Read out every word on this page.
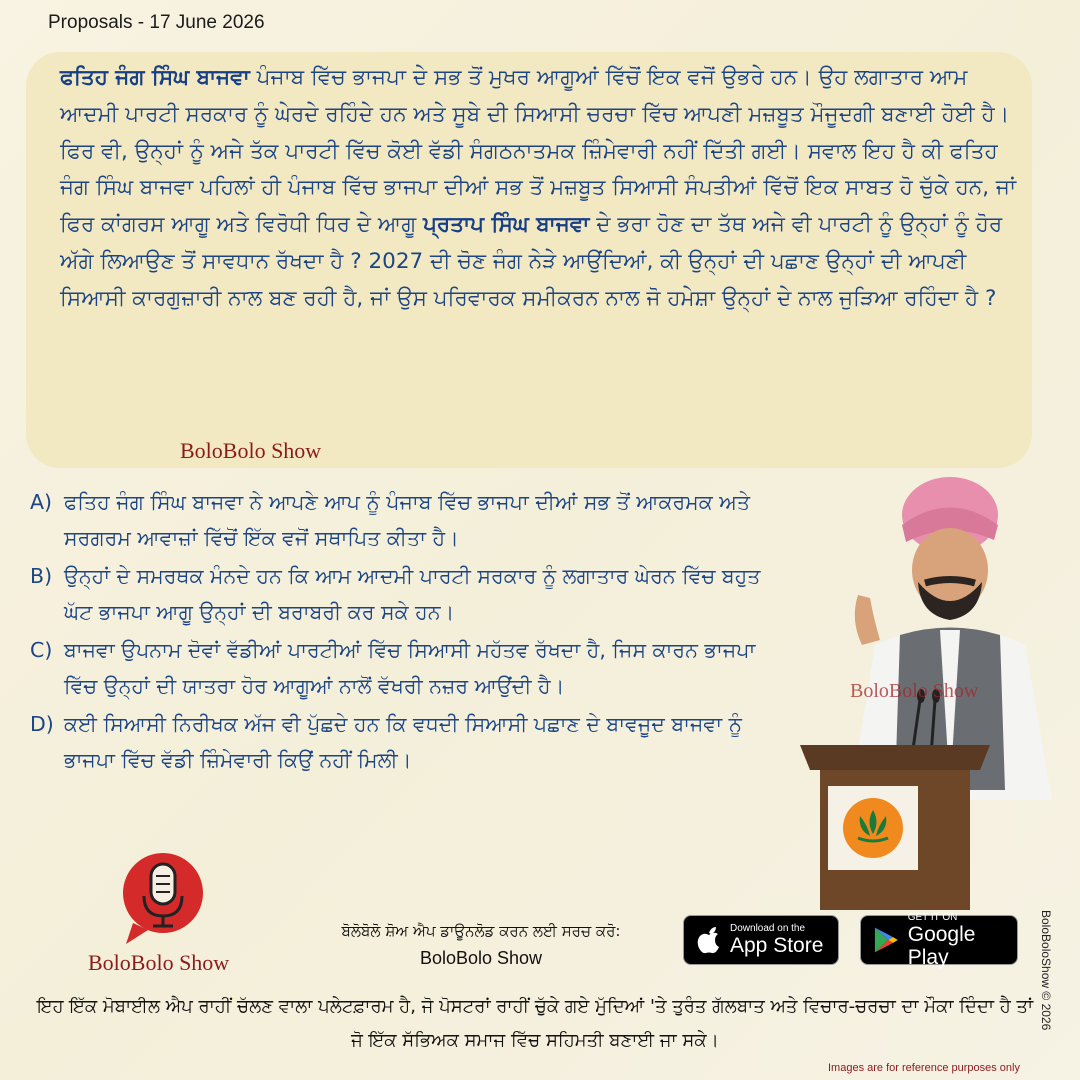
Proposals - 17 June 2026
ਫਤਿਹ ਜੰਗ ਸਿੰਘ ਬਾਜਵਾ ਪੰਜਾਬ ਵਿੱਚ ਭਾਜਪਾ ਦੇ ਸਭ ਤੋਂ ਮੁਖਰ ਆਗੂਆਂ ਵਿੱਚੋਂ ਇਕ ਵਜੋਂ ਉਭਰੇ ਹਨ। ਉਹ ਲਗਾਤਾਰ ਆਮ ਆਦਮੀ ਪਾਰਟੀ ਸਰਕਾਰ ਨੂੰ ਘੇਰਦੇ ਰਹਿੰਦੇ ਹਨ ਅਤੇ ਸੂਬੇ ਦੀ ਸਿਆਸੀ ਚਰਚਾ ਵਿੱਚ ਆਪਣੀ ਮਜ਼ਬੂਤ ਮੌਜੂਦਗੀ ਬਣਾਈ ਹੋਈ ਹੈ। ਫਿਰ ਵੀ, ਉਨ੍ਹਾਂ ਨੂੰ ਅਜੇ ਤੱਕ ਪਾਰਟੀ ਵਿੱਚ ਕੋਈ ਵੱਡੀ ਸੰਗਠਨਾਤਮਕ ਜ਼ਿੰਮੇਵਾਰੀ ਨਹੀਂ ਦਿੱਤੀ ਗਈ। ਸਵਾਲ ਇਹ ਹੈ ਕੀ ਫਤਿਹ ਜੰਗ ਸਿੰਘ ਬਾਜਵਾ ਪਹਿਲਾਂ ਹੀ ਪੰਜਾਬ ਵਿੱਚ ਭਾਜਪਾ ਦੀਆਂ ਸਭ ਤੋਂ ਮਜ਼ਬੂਤ ਸਿਆਸੀ ਸੰਪਤੀਆਂ ਵਿੱਚੋਂ ਇਕ ਸਾਬਤ ਹੋ ਚੁੱਕੇ ਹਨ, ਜਾਂ ਫਿਰ ਕਾਂਗਰਸ ਆਗੂ ਅਤੇ ਵਿਰੋਧੀ ਧਿਰ ਦੇ ਆਗੂ ਪ੍ਰਤਾਪ ਸਿੰਘ ਬਾਜਵਾ ਦੇ ਭਰਾ ਹੋਣ ਦਾ ਤੱਥ ਅਜੇ ਵੀ ਪਾਰਟੀ ਨੂੰ ਉਨ੍ਹਾਂ ਨੂੰ ਹੋਰ ਅੱਗੇ ਲਿਆਉਣ ਤੋਂ ਸਾਵਧਾਨ ਰੱਖਦਾ ਹੈ ? 2027 ਦੀ ਚੋਣ ਜੰਗ ਨੇੜੇ ਆਉਂਦਿਆਂ, ਕੀ ਉਨ੍ਹਾਂ ਦੀ ਪਛਾਣ ਉਨ੍ਹਾਂ ਦੀ ਆਪਣੀ ਸਿਆਸੀ ਕਾਰਗੁਜ਼ਾਰੀ ਨਾਲ ਬਣ ਰਹੀ ਹੈ, ਜਾਂ ਉਸ ਪਰਿਵਾਰਕ ਸਮੀਕਰਨ ਨਾਲ ਜੋ ਹਮੇਸ਼ਾ ਉਨ੍ਹਾਂ ਦੇ ਨਾਲ ਜੁੜਿਆ ਰਹਿੰਦਾ ਹੈ ?
BoloBolo Show
A) ਫਤਿਹ ਜੰਗ ਸਿੰਘ ਬਾਜਵਾ ਨੇ ਆਪਣੇ ਆਪ ਨੂੰ ਪੰਜਾਬ ਵਿੱਚ ਭਾਜਪਾ ਦੀਆਂ ਸਭ ਤੋਂ ਆਕਰਮਕ ਅਤੇ ਸਰਗਰਮ ਆਵਾਜ਼ਾਂ ਵਿੱਚੋਂ ਇੱਕ ਵਜੋਂ ਸਥਾਪਿਤ ਕੀਤਾ ਹੈ।
B) ਉਨ੍ਹਾਂ ਦੇ ਸਮਰਥਕ ਮੰਨਦੇ ਹਨ ਕਿ ਆਮ ਆਦਮੀ ਪਾਰਟੀ ਸਰਕਾਰ ਨੂੰ ਲਗਾਤਾਰ ਘੇਰਨ ਵਿੱਚ ਬਹੁਤ ਘੱਟ ਭਾਜਪਾ ਆਗੂ ਉਨ੍ਹਾਂ ਦੀ ਬਰਾਬਰੀ ਕਰ ਸਕੇ ਹਨ।
C) ਬਾਜਵਾ ਉਪਨਾਮ ਦੋਵਾਂ ਵੱਡੀਆਂ ਪਾਰਟੀਆਂ ਵਿੱਚ ਸਿਆਸੀ ਮਹੱਤਵ ਰੱਖਦਾ ਹੈ, ਜਿਸ ਕਾਰਨ ਭਾਜਪਾ ਵਿੱਚ ਉਨ੍ਹਾਂ ਦੀ ਯਾਤਰਾ ਹੋਰ ਆਗੂਆਂ ਨਾਲੋਂ ਵੱਖਰੀ ਨਜ਼ਰ ਆਉਂਦੀ ਹੈ।
D) ਕਈ ਸਿਆਸੀ ਨਿਰੀਖਕ ਅੱਜ ਵੀ ਪੁੱਛਦੇ ਹਨ ਕਿ ਵਧਦੀ ਸਿਆਸੀ ਪਛਾਣ ਦੇ ਬਾਵਜੂਦ ਬਾਜਵਾ ਨੂੰ ਭਾਜਪਾ ਵਿੱਚ ਵੱਡੀ ਜ਼ਿੰਮੇਵਾਰੀ ਕਿਉਂ ਨਹੀਂ ਮਿਲੀ।
BoloBolo Show
BoloBolo Show
ਬੋਲੋਬੋਲੋ ਸ਼ੋਅ ਐਪ ਡਾਊਨਲੋਡ ਕਰਨ ਲਈ ਸਰਚ ਕਰੋ:
BoloBolo Show
Download on the
App Store
GET IT ON
Google Play	BoloBoloShow © 2026
ਇਹ ਇੱਕ ਮੋਬਾਈਲ ਐਪ ਰਾਹੀਂ ਚੱਲਣ ਵਾਲਾ ਪਲੇਟਫ਼ਾਰਮ ਹੈ, ਜੋ ਪੋਸਟਰਾਂ ਰਾਹੀਂ ਚੁੱਕੇ ਗਏ ਮੁੱਦਿਆਂ 'ਤੇ ਤੁਰੰਤ ਗੱਲਬਾਤ ਅਤੇ ਵਿਚਾਰ-ਚਰਚਾ ਦਾ ਮੌਕਾ ਦਿੰਦਾ ਹੈ ਤਾਂ ਜੋ ਇੱਕ ਸੱਭਿਅਕ ਸਮਾਜ ਵਿੱਚ ਸਹਿਮਤੀ ਬਣਾਈ ਜਾ ਸਕੇ।
Images are for reference purposes only
